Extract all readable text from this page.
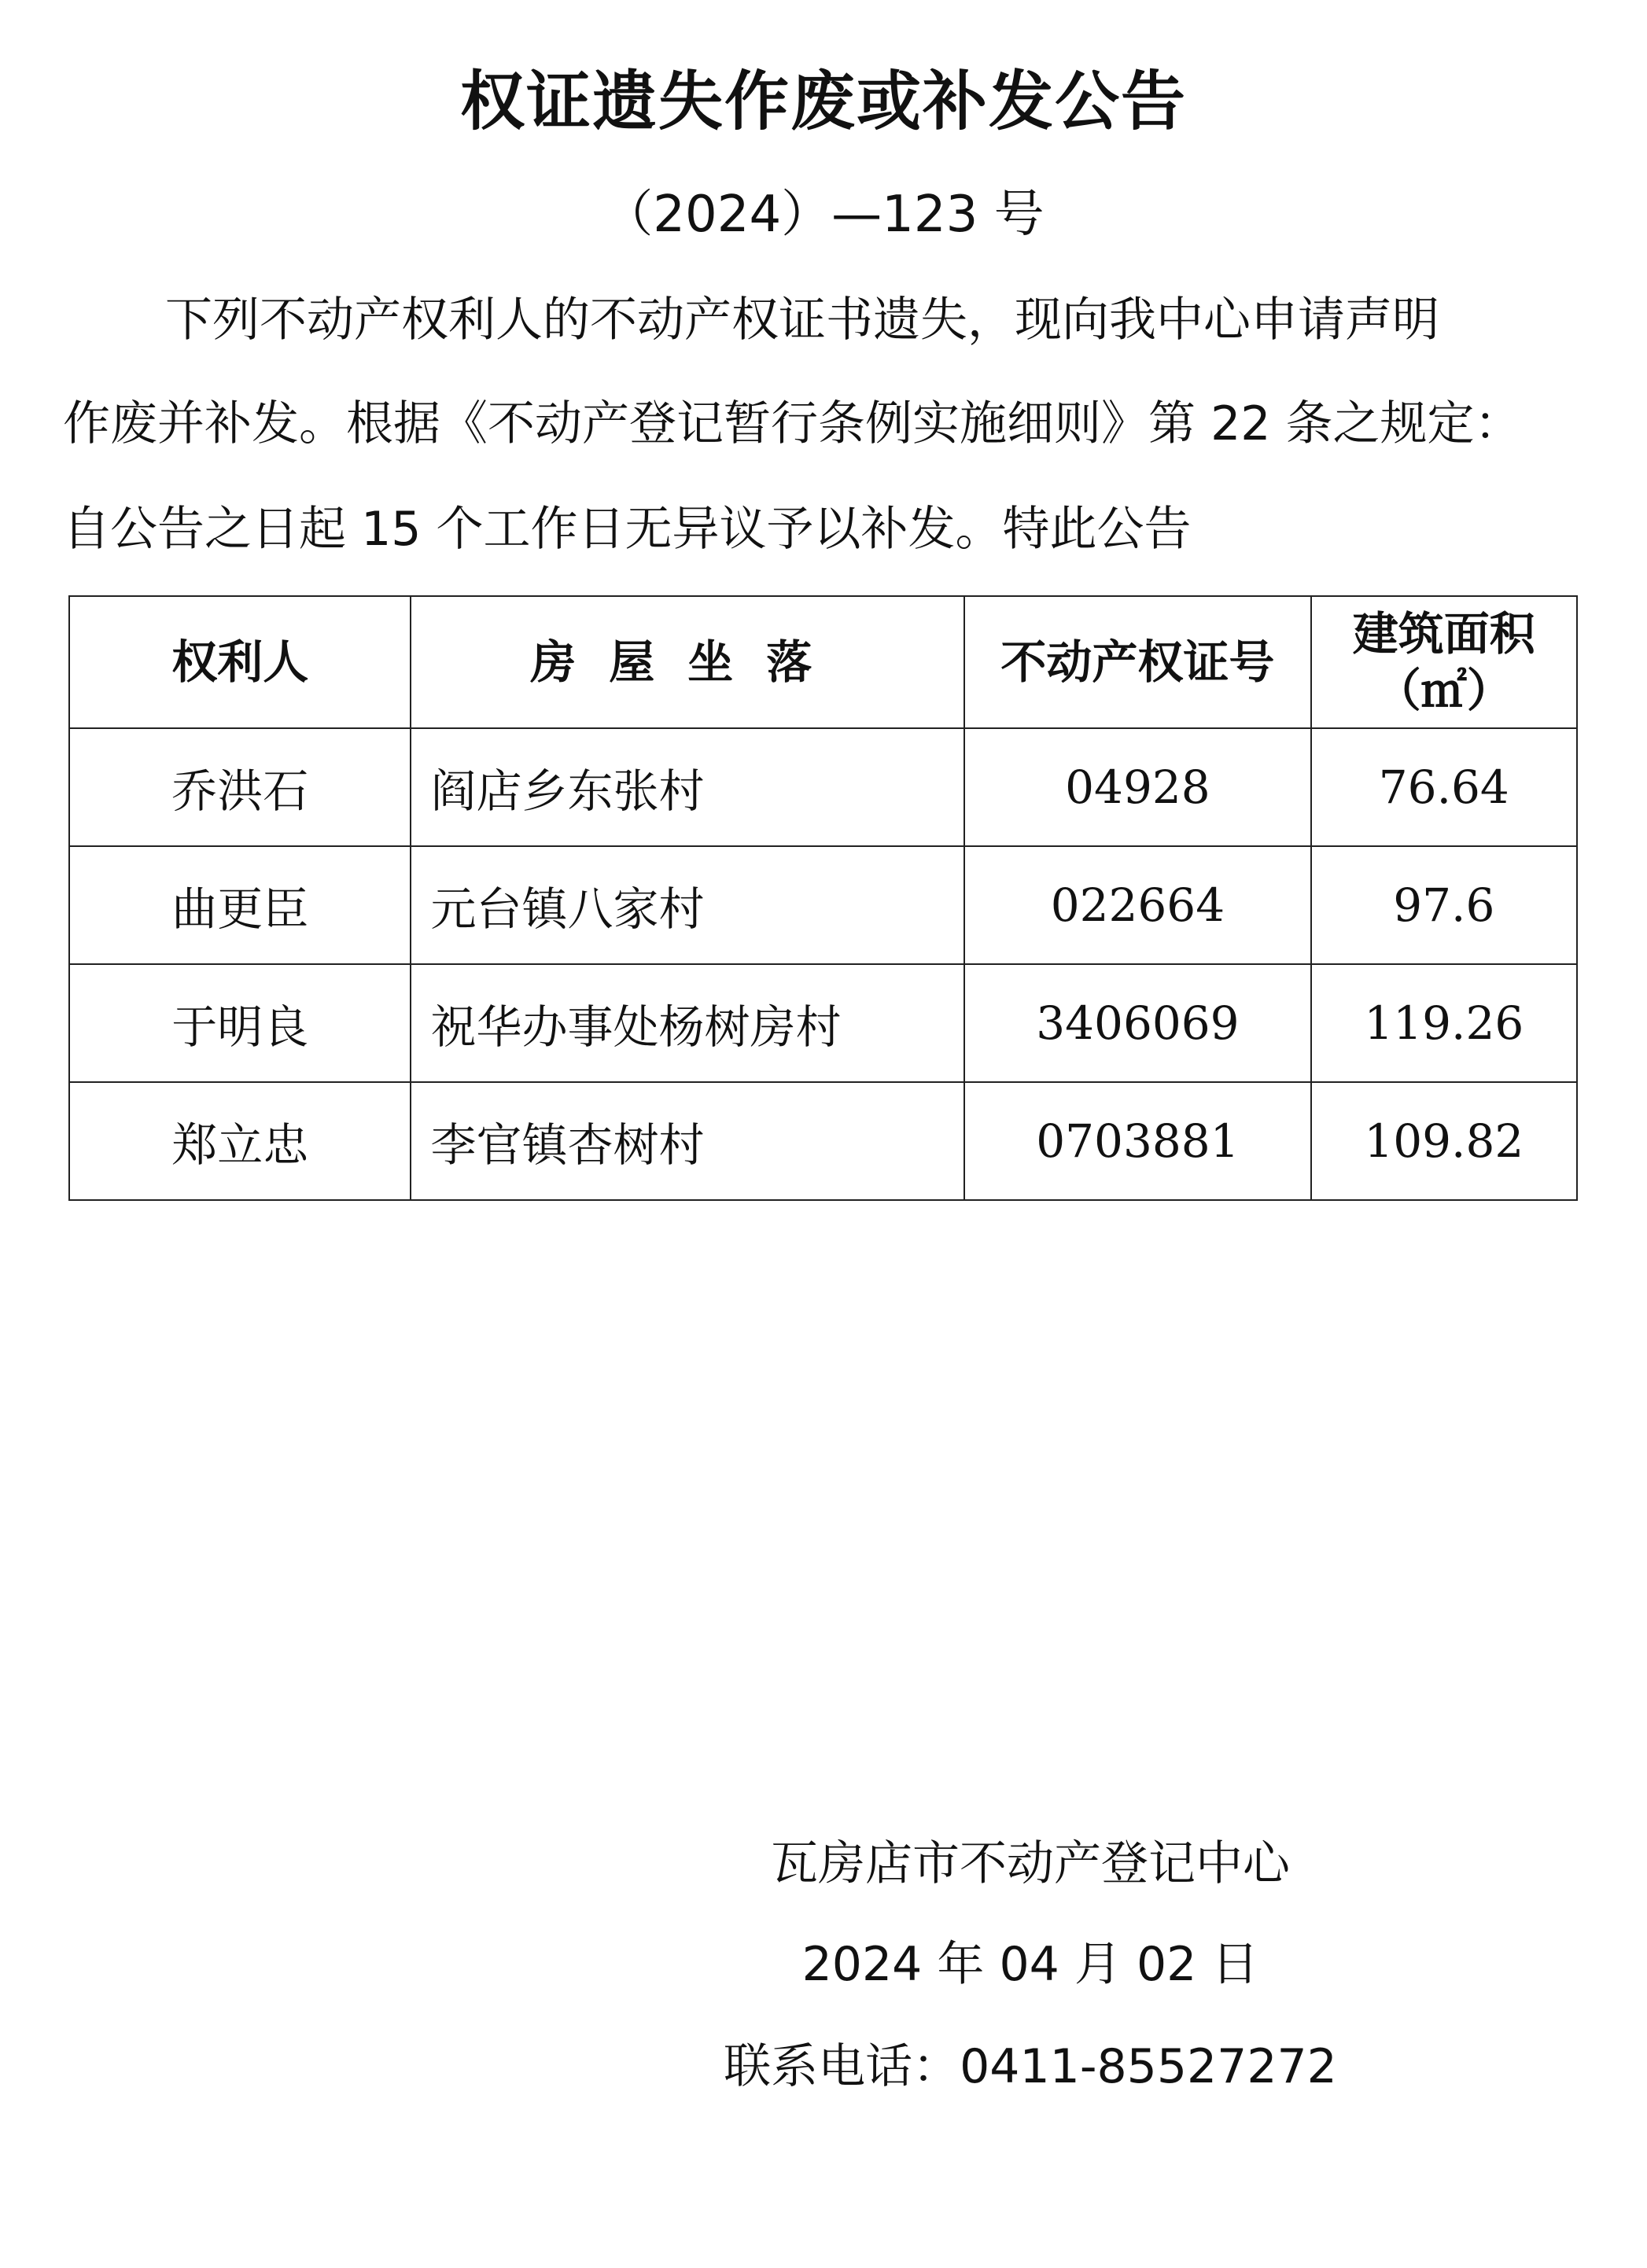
权证遗失作废或补发公告
（2024）—123 号
下列不动产权利人的不动产权证书遗失，现向我中心申请声明
作废并补发。根据《不动产登记暂行条例实施细则》第 22 条之规定：
自公告之日起 15 个工作日无异议予以补发。特此公告
权利人	房屋坐落	不动产权证号	建筑面积
（㎡）

乔洪石	阎店乡东张村	04928	76.64
曲更臣	元台镇八家村	022664	97.6
于明良	祝华办事处杨树房村	3406069	119.26
郑立忠	李官镇杏树村	0703881	109.82
瓦房店市不动产登记中心
2024 年 04 月 02 日
联系电话：0411-85527272
